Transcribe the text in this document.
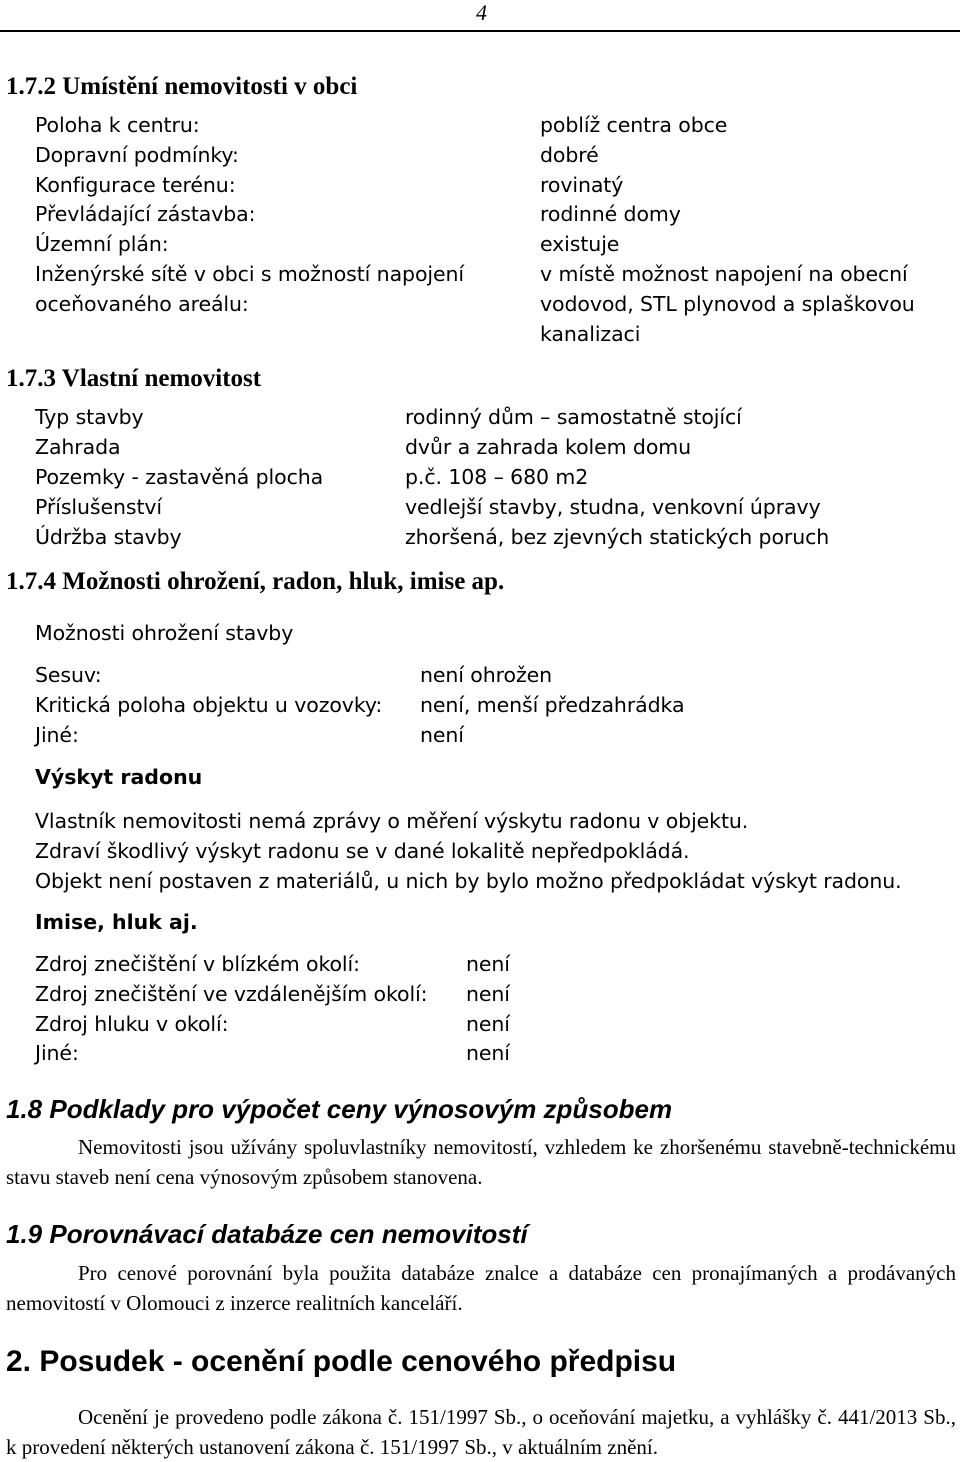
4
1.7.2 Umístění nemovitosti v obci
Poloha k centru:	poblíž centra obce
Dopravní podmínky:	dobré
Konfigurace terénu:	rovinatý
Převládající zástavba:	rodinné domy
Územní plán:	existuje
Inženýrské sítě v obci s možností napojení	v místě možnost napojení na obecní
oceňovaného areálu:	vodovod, STL plynovod a splaškovou
kanalizaci
1.7.3 Vlastní nemovitost
Typ stavby	rodinný dům – samostatně stojící
Zahrada	dvůr a zahrada kolem domu
Pozemky - zastavěná plocha	p.č. 108 – 680 m2
Příslušenství	vedlejší stavby, studna, venkovní úpravy
Údržba stavby	zhoršená, bez zjevných statických poruch
1.7.4 Možnosti ohrožení, radon, hluk, imise ap.
Možnosti ohrožení stavby
Sesuv:	není ohrožen
Kritická poloha objektu u vozovky: není, menší předzahrádka
Jiné:	není
Výskyt radonu
Vlastník nemovitosti nemá zprávy o měření výskytu radonu v objektu.
Zdraví škodlivý výskyt radonu se v dané lokalitě nepředpokládá.
Objekt není postaven z materiálů, u nich by bylo možno předpokládat výskyt radonu.
Imise, hluk aj.
Zdroj znečištění v blízkém okolí:	není
Zdroj znečištění ve vzdálenějším okolí: není
Zdroj hluku v okolí:	není
Jiné:	není
1.8 Podklady pro výpočet ceny výnosovým způsobem
Nemovitosti jsou užívány spoluvlastníky nemovitostí, vzhledem ke zhoršenému stavebně-technickému stavu staveb není cena výnosovým způsobem stanovena.
1.9 Porovnávací databáze cen nemovitostí
Pro cenové porovnání byla použita databáze znalce a databáze cen pronajímaných a prodávaných nemovitostí v Olomouci z inzerce realitních kanceláří.
2. Posudek - ocenění podle cenového předpisu
Ocenění je provedeno podle zákona č. 151/1997 Sb., o oceňování majetku, a vyhlášky č. 441/2013 Sb., k provedení některých ustanovení zákona č. 151/1997 Sb., v aktuálním znění.
